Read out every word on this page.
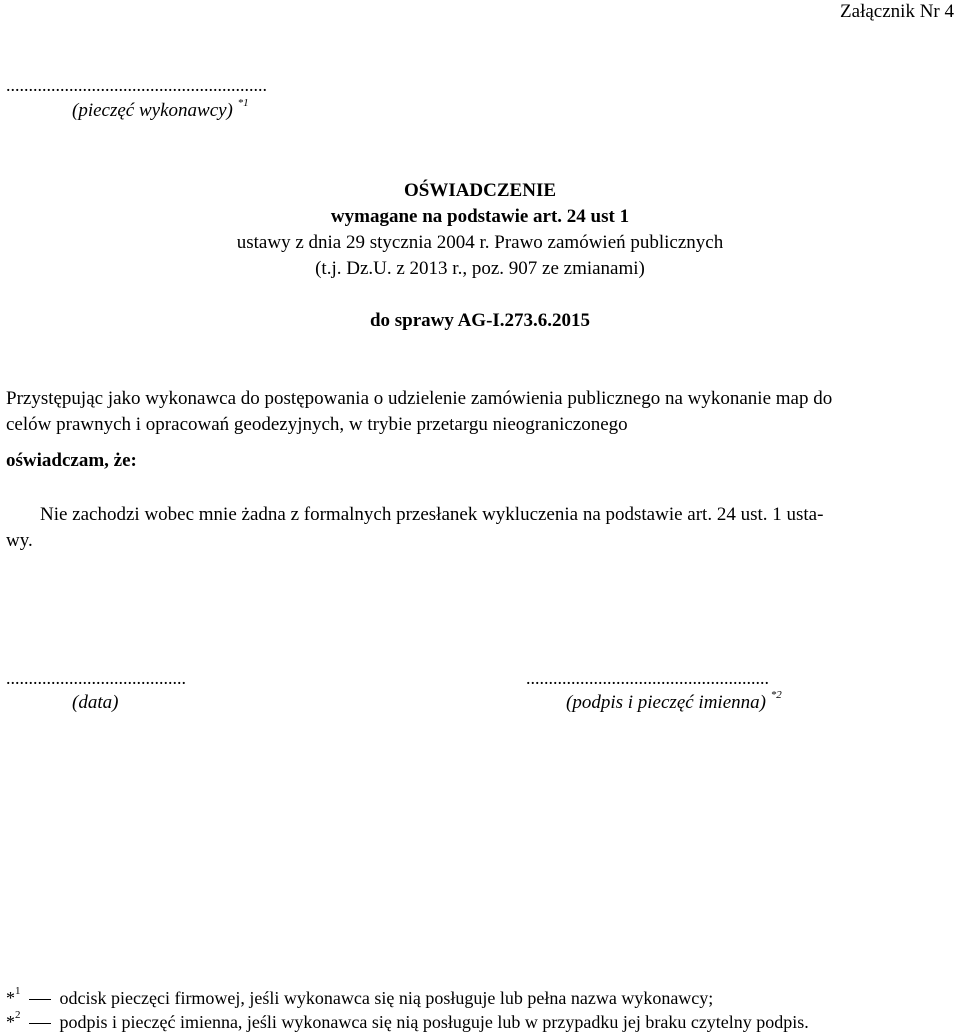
Załącznik Nr 4
..........................................................
(pieczęć wykonawcy) $^{*1}$
OŚWIADCZENIE
wymagane na podstawie art. 24 ust 1
ustawy z dnia 29 stycznia 2004 r. Prawo zamówień publicznych
(t.j. Dz.U. z 2013 r., poz. 907 ze zmianami)
do sprawy AG-I.273.6.2015
Przystępując jako wykonawca do postępowania o udzielenie zamówienia publicznego na wykonanie map do
celów prawnych i opracowań geodezyjnych, w trybie przetargu nieograniczonego
oświadczam, że:
Nie zachodzi wobec mnie żadna z formalnych przesłanek wykluczenia na podstawie art. 24 ust. 1 usta-
wy.
........................................
(data)
......................................................
(podpis i pieczęć imienna) $^{*2}$
*$^1$ odcisk pieczęci firmowej, jeśli wykonawca się nią posługuje lub pełna nazwa wykonawcy;
*$^2$ podpis i pieczęć imienna, jeśli wykonawca się nią posługuje lub w przypadku jej braku czytelny podpis.
